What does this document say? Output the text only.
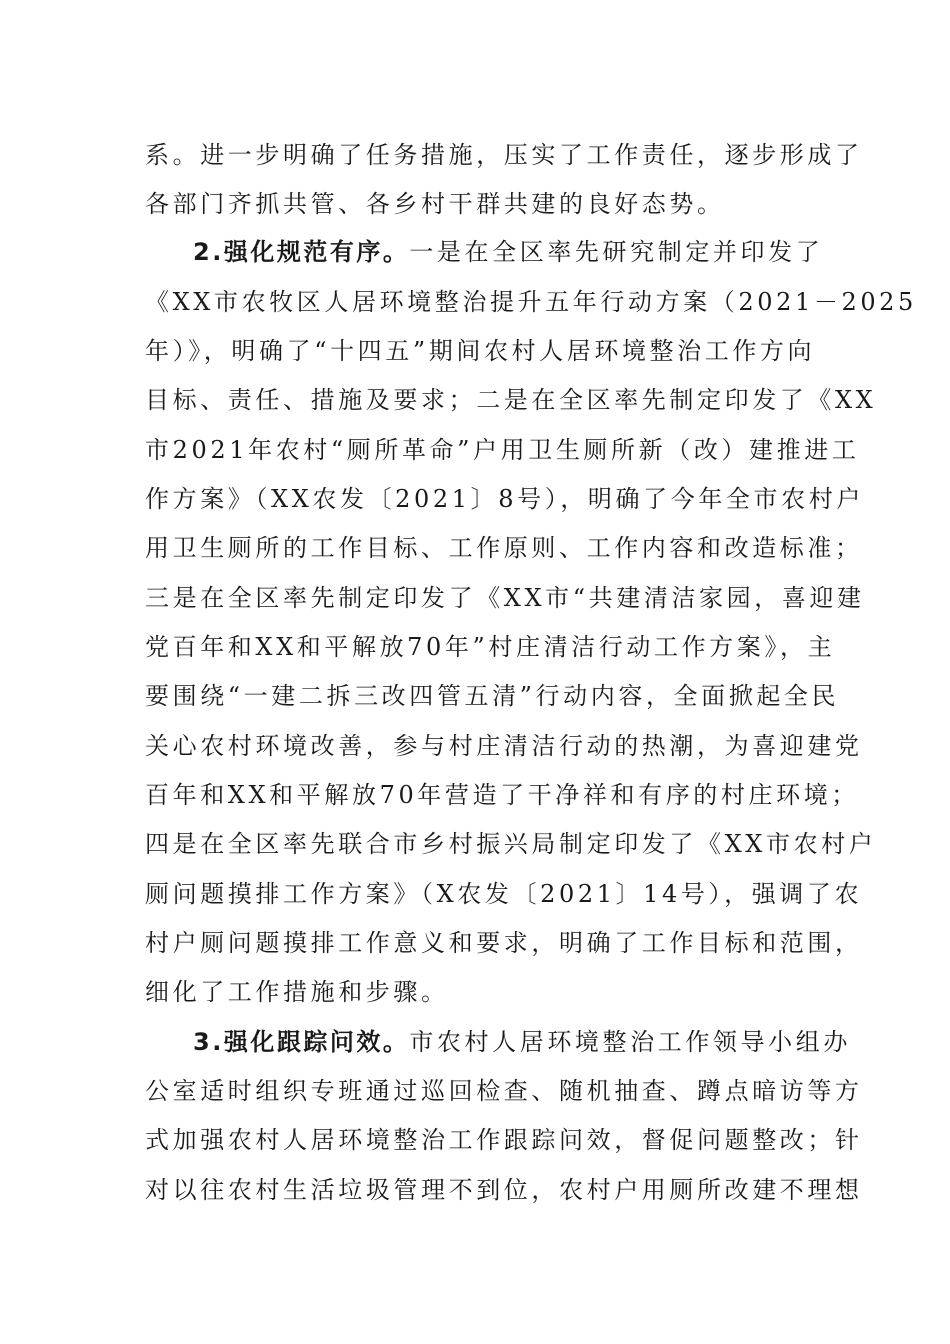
系。进一步明确了任务措施，压实了工作责任，逐步形成了
各部门齐抓共管、各乡村干群共建的良好态势。
2.强化规范有序。一是在全区率先研究制定并印发了
《XX市农牧区人居环境整治提升五年行动方案（2021－2025
年）》，明确了“十四五”期间农村人居环境整治工作方向
目标、责任、措施及要求；二是在全区率先制定印发了《XX
市2021年农村“厕所革命”户用卫生厕所新（改）建推进工
作方案》（XX农发〔2021〕8号），明确了今年全市农村户
用卫生厕所的工作目标、工作原则、工作内容和改造标准；
三是在全区率先制定印发了《XX市“共建清洁家园，喜迎建
党百年和XX和平解放70年”村庄清洁行动工作方案》，主
要围绕“一建二拆三改四管五清”行动内容，全面掀起全民
关心农村环境改善，参与村庄清洁行动的热潮，为喜迎建党
百年和XX和平解放70年营造了干净祥和有序的村庄环境；
四是在全区率先联合市乡村振兴局制定印发了《XX市农村户
厕问题摸排工作方案》（X农发〔2021〕14号），强调了农
村户厕问题摸排工作意义和要求，明确了工作目标和范围，
细化了工作措施和步骤。
3.强化跟踪问效。市农村人居环境整治工作领导小组办
公室适时组织专班通过巡回检查、随机抽查、蹲点暗访等方
式加强农村人居环境整治工作跟踪问效，督促问题整改；针
对以往农村生活垃圾管理不到位，农村户用厕所改建不理想
